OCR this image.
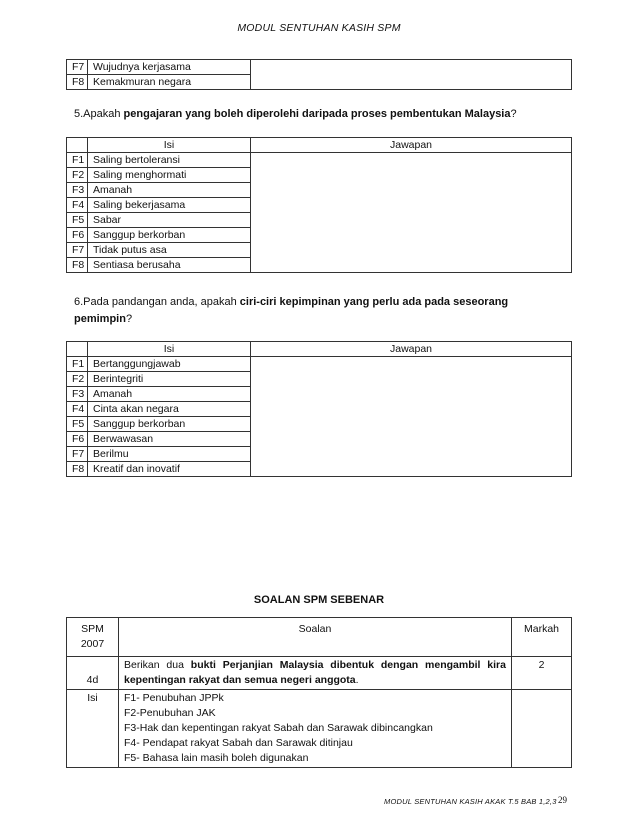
MODUL SENTUHAN KASIH SPM
F7	Wujudnya kerjasama	
F8	Kemakmuran negara	
5.Apakah pengajaran yang boleh diperolehi daripada proses pembentukan Malaysia?
	Isi	Jawapan
F1	Saling bertoleransi	
F2	Saling menghormati	
F3	Amanah	
F4	Saling bekerjasama	
F5	Sabar	
F6	Sanggup berkorban	
F7	Tidak putus asa	
F8	Sentiasa berusaha	
6.Pada pandangan anda, apakah ciri-ciri kepimpinan yang perlu ada pada seseorang pemimpin?
	Isi	Jawapan
F1	Bertanggungjawab	
F2	Berintegriti	
F3	Amanah	
F4	Cinta akan negara	
F5	Sanggup berkorban	
F6	Berwawasan	
F7	Berilmu	
F8	Kreatif dan inovatif	
SOALAN SPM SEBENAR
SPM
2007	Soalan	Markah
4d	Berikan dua bukti Perjanjian Malaysia dibentuk dengan mengambil kira kepentingan rakyat dan semua negeri anggota.	2
Isi	F1- Penubuhan JPPk
F2-Penubuhan JAK
F3-Hak dan kepentingan rakyat Sabah dan Sarawak dibincangkan
F4- Pendapat rakyat Sabah dan Sarawak ditinjau
F5- Bahasa lain masih boleh digunakan	

MODUL SENTUHAN KASIH AKAK T.5 BAB 1,2,3 29
